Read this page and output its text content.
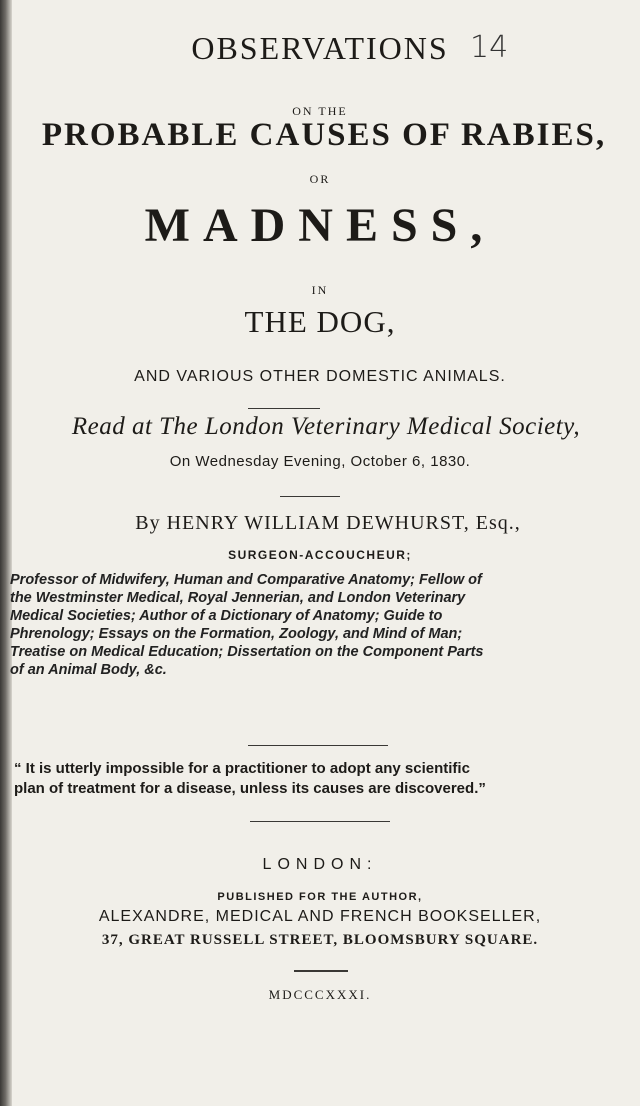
OBSERVATIONS 14
ON THE
PROBABLE CAUSES OF RABIES,
OR
MADNESS,
IN
THE DOG,
AND VARIOUS OTHER DOMESTIC ANIMALS.
Read at The London Veterinary Medical Society,
On Wednesday Evening, October 6, 1830.
By HENRY WILLIAM DEWHURST, Esq.,
SURGEON-ACCOUCHEUR;
Professor of Midwifery, Human and Comparative Anatomy; Fellow of
the Westminster Medical, Royal Jennerian, and London Veterinary
Medical Societies; Author of a Dictionary of Anatomy; Guide to
Phrenology; Essays on the Formation, Zoology, and Mind of Man;
Treatise on Medical Education; Dissertation on the Component Parts
of an Animal Body, &c.
“ It is utterly impossible for a practitioner to adopt any scientific
plan of treatment for a disease, unless its causes are discovered.”
LONDON:
PUBLISHED FOR THE AUTHOR,
ALEXANDRE, MEDICAL AND FRENCH BOOKSELLER,
37, GREAT RUSSELL STREET, BLOOMSBURY SQUARE.
MDCCCXXXI.
